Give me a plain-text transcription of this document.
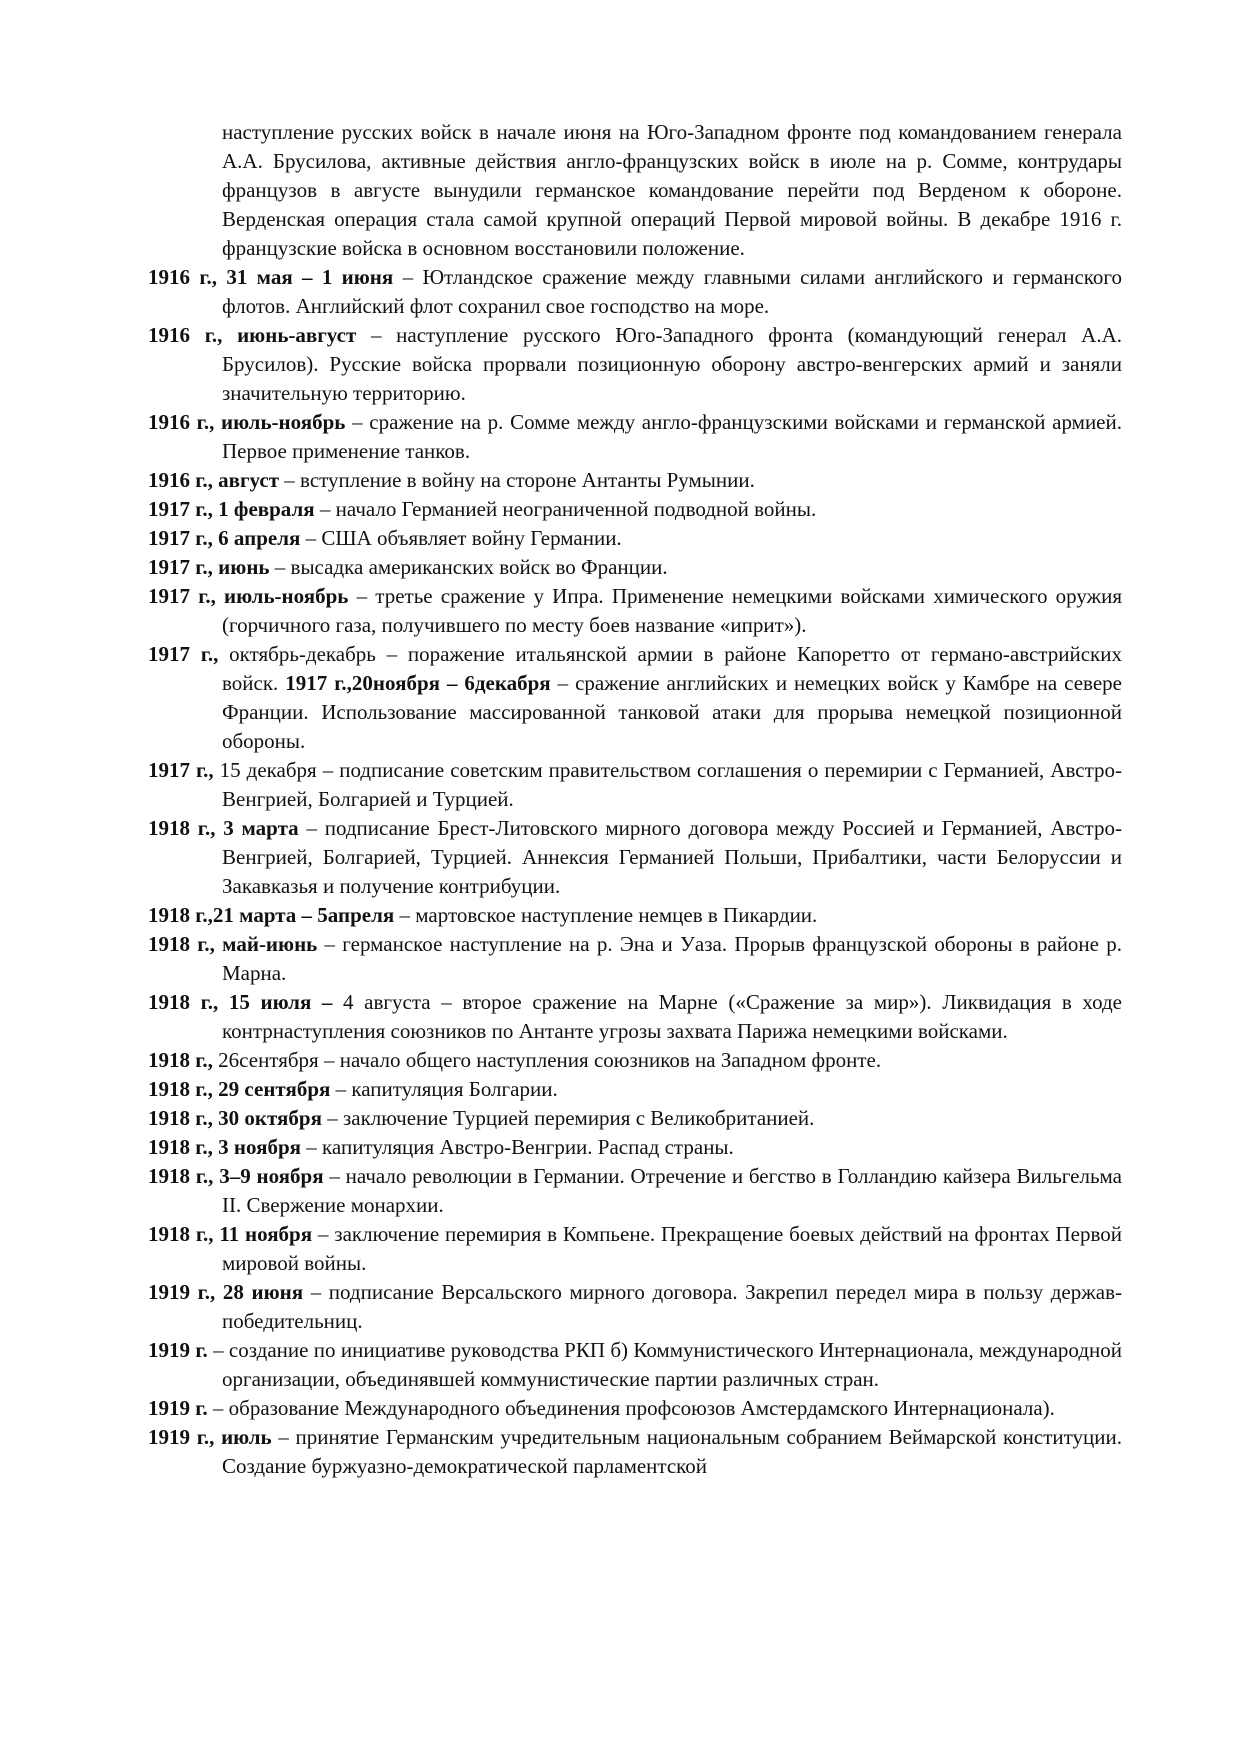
наступление русских войск в начале июня на Юго-Западном фронте под командованием генерала А.А. Брусилова, активные действия англо-французских войск в июле на р. Сомме, контрудары французов в августе вынудили германское командование перейти под Верденом к обороне. Верденская операция стала самой крупной операций Первой мировой войны. В декабре 1916 г. французские войска в основном восстановили положение.

1916 г., 31 мая – 1 июня – Ютландское сражение между главными силами английского и германского флотов. Английский флот сохранил свое господство на море.

1916 г., июнь-август – наступление русского Юго-Западного фронта (командующий генерал А.А. Брусилов). Русские войска прорвали позиционную оборону австро-венгерских армий и заняли значительную территорию.

1916 г., июль-ноябрь – сражение на р. Сомме между англо-французскими войсками и германской армией. Первое применение танков.

1916 г., август – вступление в войну на стороне Антанты Румынии.

1917 г., 1 февраля – начало Германией неограниченной подводной войны.

1917 г., 6 апреля – США объявляет войну Германии.

1917 г., июнь – высадка американских войск во Франции.

1917 г., июль-ноябрь – третье сражение у Ипра. Применение немецкими войсками химического оружия (горчичного газа, получившего по месту боев название «иприт»).

1917 г., октябрь-декабрь – поражение итальянской армии в районе Капоретто от германо-австрийских войск. 1917 г.,20ноября – 6декабря – сражение английских и немецких войск у Камбре на севере Франции. Использование массированной танковой атаки для прорыва немецкой позиционной обороны.

1917 г., 15 декабря – подписание советским правительством соглашения о перемирии с Германией, Австро-Венгрией, Болгарией и Турцией.

1918 г., 3 марта – подписание Брест-Литовского мирного договора между Россией и Германией, Австро-Венгрией, Болгарией, Турцией. Аннексия Германией Польши, Прибалтики, части Белоруссии и Закавказья и получение контрибуции.

1918 г.,21 марта – 5апреля – мартовское наступление немцев в Пикардии.

1918 г., май-июнь – германское наступление на р. Эна и Уаза. Прорыв французской обороны в районе р. Марна.

1918 г., 15 июля – 4 августа – второе сражение на Марне («Сражение за мир»). Ликвидация в ходе контрнаступления союзников по Антанте угрозы захвата Парижа немецкими войсками.

1918 г., 26сентября – начало общего наступления союзников на Западном фронте.

1918 г., 29 сентября – капитуляция Болгарии.

1918 г., 30 октября – заключение Турцией перемирия с Великобританией.

1918 г., 3 ноября – капитуляция Австро-Венгрии. Распад страны.

1918 г., 3–9 ноября – начало революции в Германии. Отречение и бегство в Голландию кайзера Вильгельма II. Свержение монархии.

1918 г., 11 ноября – заключение перемирия в Компьене. Прекращение боевых действий на фронтах Первой мировой войны.

1919 г., 28 июня – подписание Версальского мирного договора. Закрепил передел мира в пользу держав-победительниц.

1919 г. – создание по инициативе руководства РКП б) Коммунистического Интернационала, международной организации, объединявшей коммунистические партии различных стран.

1919 г. – образование Международного объединения профсоюзов Амстердамского Интернационала).

1919 г., июль – принятие Германским учредительным национальным собранием Веймарской конституции. Создание буржуазно-демократической парламентской
